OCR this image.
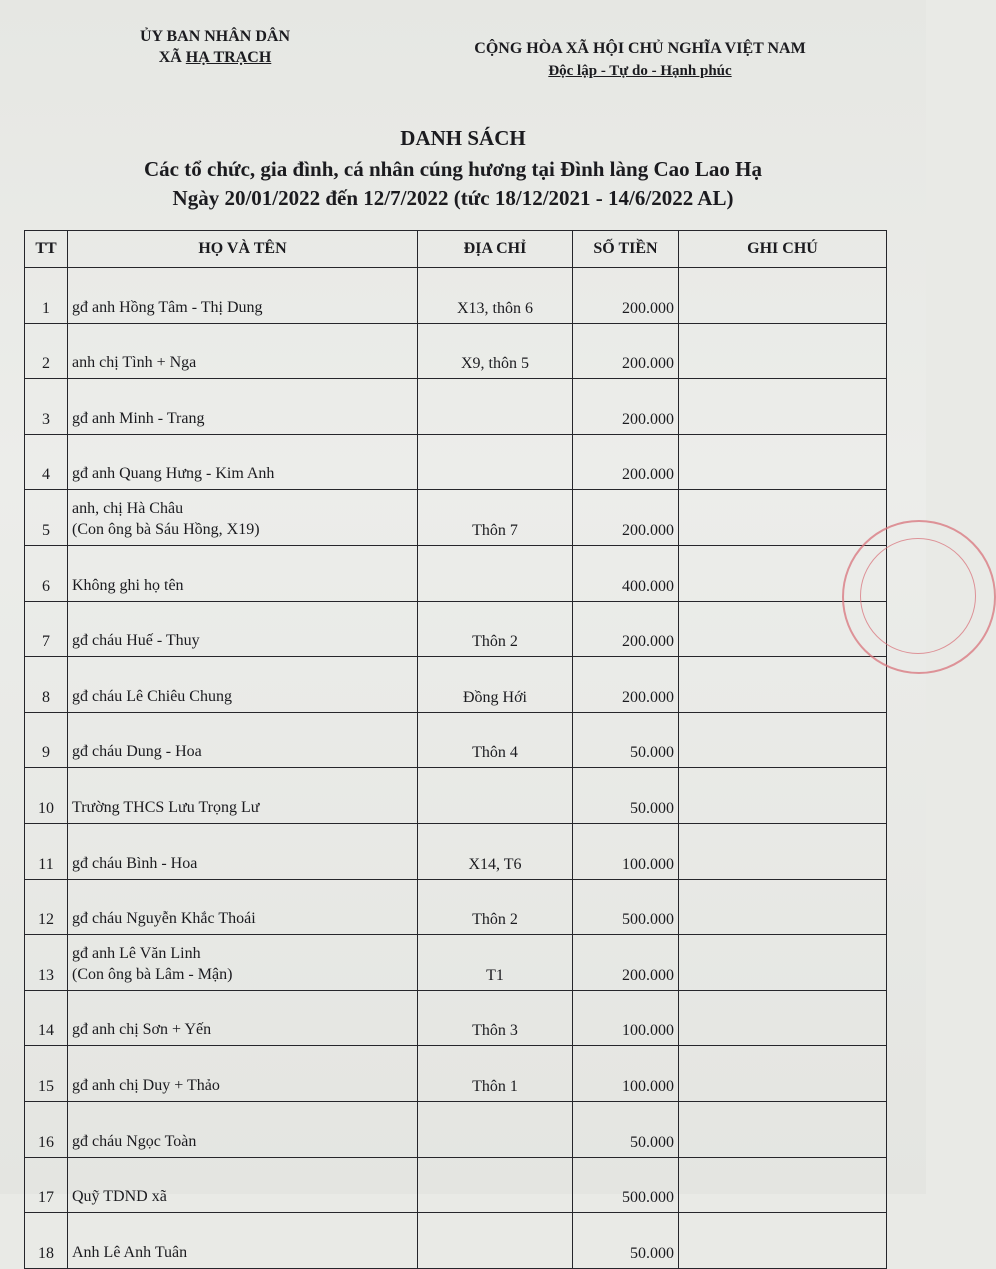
ỦY BAN NHÂN DÂN
XÃ HẠ TRẠCH
CỘNG HÒA XÃ HỘI CHỦ NGHĨA VIỆT NAM
Độc lập - Tự do - Hạnh phúc
DANH SÁCH
Các tổ chức, gia đình, cá nhân cúng hương tại Đình làng Cao Lao Hạ
Ngày 20/01/2022 đến 12/7/2022 (tức 18/12/2021 - 14/6/2022 AL)
TT	HỌ VÀ TÊN	ĐỊA CHỈ	SỐ TIỀN	GHI CHÚ
1	gđ anh Hồng Tâm - Thị Dung	X13, thôn 6	200.000	
2	anh chị Tình + Nga	X9, thôn 5	200.000	
3	gđ anh Minh - Trang		200.000	
4	gđ anh Quang Hưng - Kim Anh		200.000	
5	anh, chị Hà Châu
(Con ông bà Sáu Hồng, X19)	Thôn 7	200.000	
6	Không ghi họ tên		400.000	
7	gđ cháu Huế - Thuy	Thôn 2	200.000	
8	gđ cháu Lê Chiêu Chung	Đồng Hới	200.000	
9	gđ cháu Dung - Hoa	Thôn 4	50.000	
10	Trường THCS Lưu Trọng Lư		50.000	
11	gđ cháu Bình - Hoa	X14, T6	100.000	
12	gđ cháu Nguyễn Khắc Thoái	Thôn 2	500.000	
13	gđ anh Lê Văn Linh
(Con ông bà Lâm - Mận)	T1	200.000	
14	gđ anh chị Sơn + Yến	Thôn 3	100.000	
15	gđ anh chị Duy + Thảo	Thôn 1	100.000	
16	gđ cháu Ngọc Toàn		50.000	
17	Quỹ TDND xã		500.000	
18	Anh Lê Anh Tuân		50.000	
